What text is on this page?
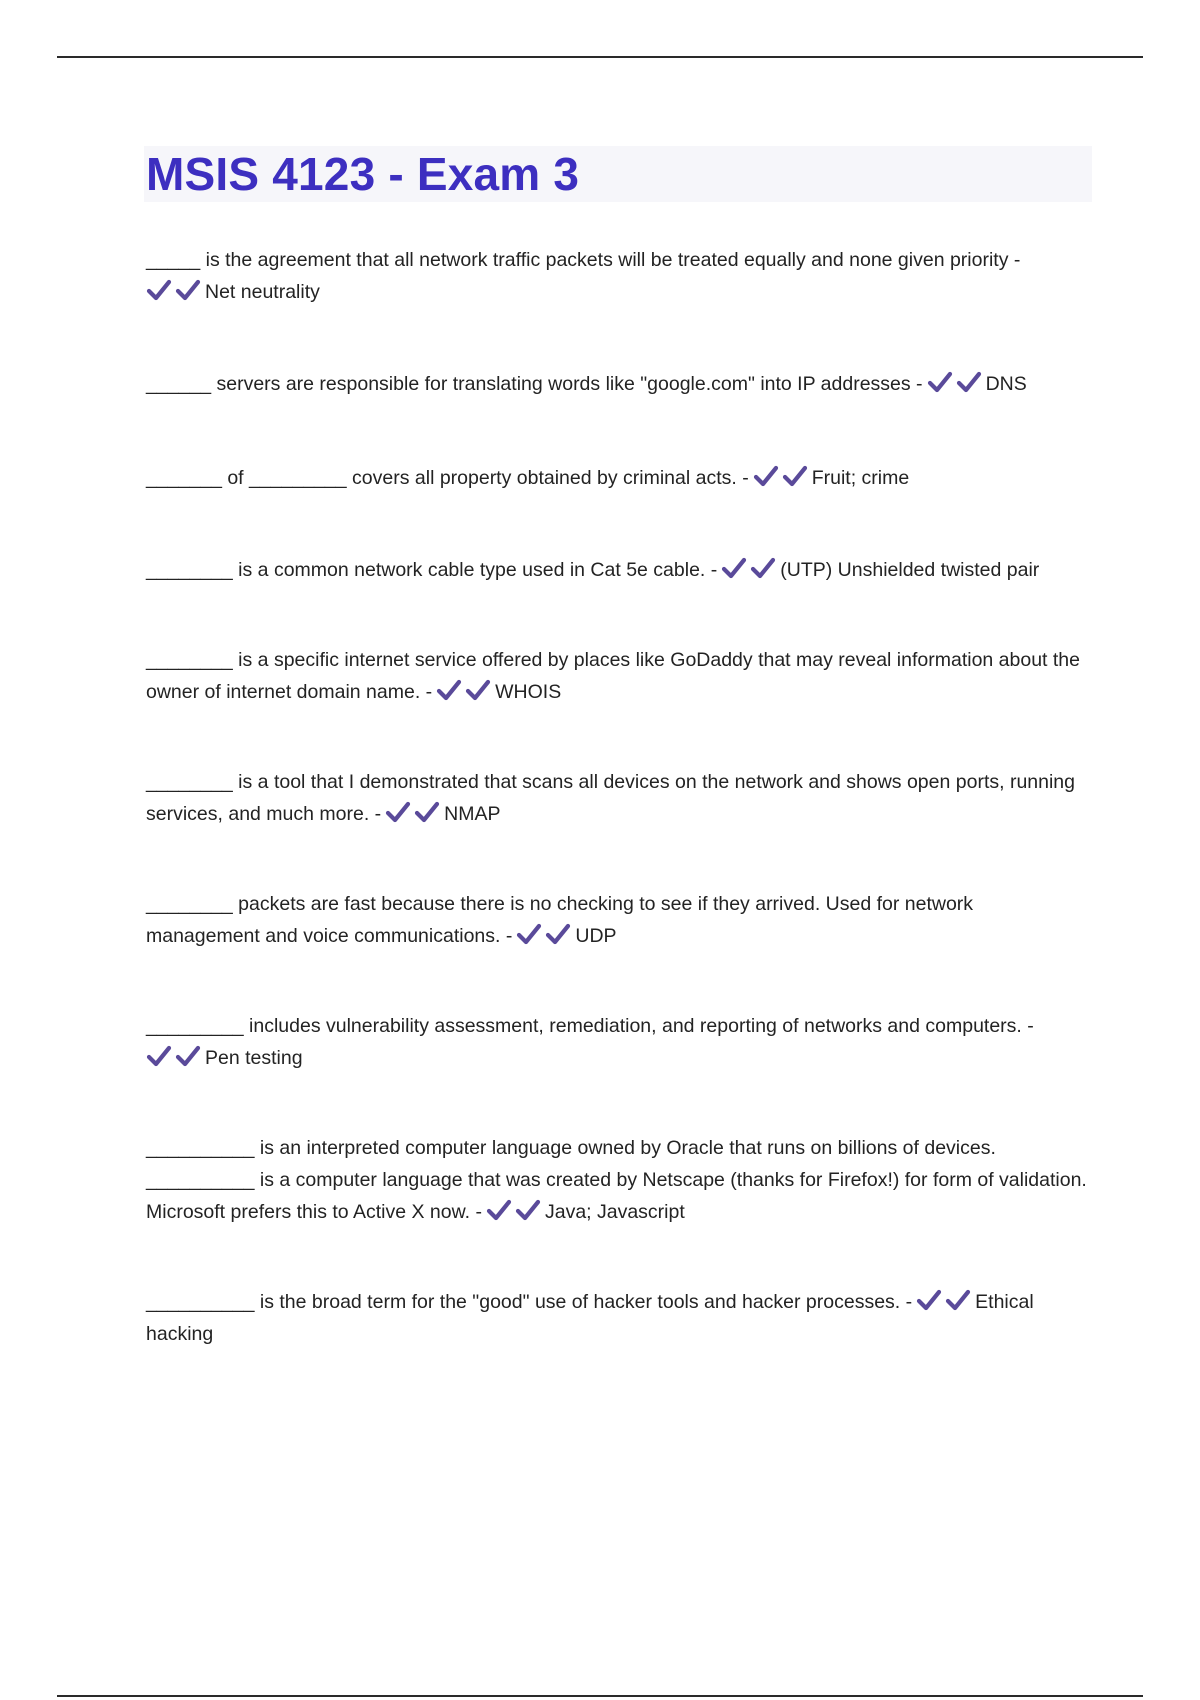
MSIS 4123 - Exam 3

_____ is the agreement that all network traffic packets will be treated equally and none given priority -

Net neutrality

______ servers are responsible for translating words like "google.com" into IP addresses -	DNS

_______ of _________ covers all property obtained by criminal acts. -	Fruit; crime

________ is a common network cable type used in Cat 5e cable. -	(UTP) Unshielded twisted pair

________ is a specific internet service offered by places like GoDaddy that may reveal information about the owner of internet domain name. -	WHOIS

________ is a tool that I demonstrated that scans all devices on the network and shows open ports, running services, and much more. -	NMAP

________ packets are fast because there is no checking to see if they arrived. Used for network management and voice communications. -	UDP

_________ includes vulnerability assessment, remediation, and reporting of networks and computers. -

Pen testing

__________ is an interpreted computer language owned by Oracle that runs on billions of devices. __________ is a computer language that was created by Netscape (thanks for Firefox!) for form of validation. Microsoft prefers this to Active X now. -	Java; Javascript

__________ is the broad term for the "good" use of hacker tools and hacker processes. -	Ethical hacking
